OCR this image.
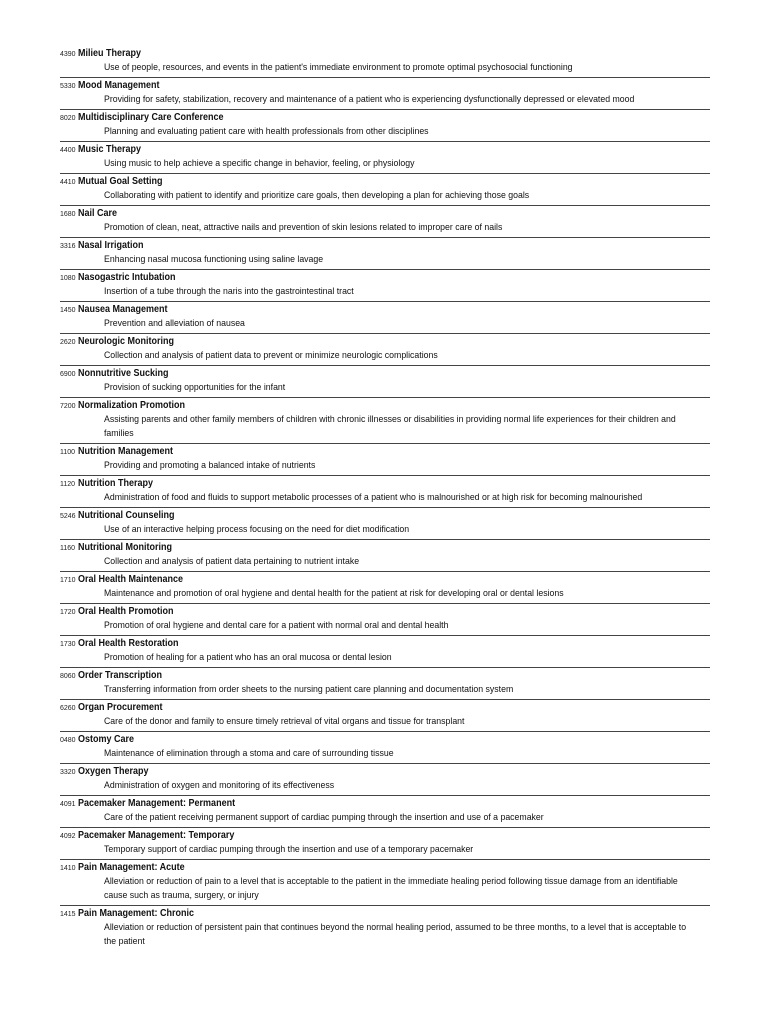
4390 Milieu Therapy
Use of people, resources, and events in the patient's immediate environment to promote optimal psychosocial functioning
5330 Mood Management
Providing for safety, stabilization, recovery and maintenance of a patient who is experiencing dysfunctionally depressed or elevated mood
8020 Multidisciplinary Care Conference
Planning and evaluating patient care with health professionals from other disciplines
4400 Music Therapy
Using music to help achieve a specific change in behavior, feeling, or physiology
4410 Mutual Goal Setting
Collaborating with patient to identify and prioritize care goals, then developing a plan for achieving those goals
1680 Nail Care
Promotion of clean, neat, attractive nails and prevention of skin lesions related to improper care of nails
3316 Nasal Irrigation
Enhancing nasal mucosa functioning using saline lavage
1080 Nasogastric Intubation
Insertion of a tube through the naris into the gastrointestinal tract
1450 Nausea Management
Prevention and alleviation of nausea
2620 Neurologic Monitoring
Collection and analysis of patient data to prevent or minimize neurologic complications
6900 Nonnutritive Sucking
Provision of sucking opportunities for the infant
7200 Normalization Promotion
Assisting parents and other family members of children with chronic illnesses or disabilities in providing normal life experiences for their children and families
1100 Nutrition Management
Providing and promoting a balanced intake of nutrients
1120 Nutrition Therapy
Administration of food and fluids to support metabolic processes of a patient who is malnourished or at high risk for becoming malnourished
5246 Nutritional Counseling
Use of an interactive helping process focusing on the need for diet modification
1160 Nutritional Monitoring
Collection and analysis of patient data pertaining to nutrient intake
1710 Oral Health Maintenance
Maintenance and promotion of oral hygiene and dental health for the patient at risk for developing oral or dental lesions
1720 Oral Health Promotion
Promotion of oral hygiene and dental care for a patient with normal oral and dental health
1730 Oral Health Restoration
Promotion of healing for a patient who has an oral mucosa or dental lesion
8060 Order Transcription
Transferring information from order sheets to the nursing patient care planning and documentation system
6260 Organ Procurement
Care of the donor and family to ensure timely retrieval of vital organs and tissue for transplant
0480 Ostomy Care
Maintenance of elimination through a stoma and care of surrounding tissue
3320 Oxygen Therapy
Administration of oxygen and monitoring of its effectiveness
4091 Pacemaker Management: Permanent
Care of the patient receiving permanent support of cardiac pumping through the insertion and use of a pacemaker
4092 Pacemaker Management: Temporary
Temporary support of cardiac pumping through the insertion and use of a temporary pacemaker
1410 Pain Management: Acute
Alleviation or reduction of pain to a level that is acceptable to the patient in the immediate healing period following tissue damage from an identifiable cause such as trauma, surgery, or injury
1415 Pain Management: Chronic
Alleviation or reduction of persistent pain that continues beyond the normal healing period, assumed to be three months, to a level that is acceptable to the patient
